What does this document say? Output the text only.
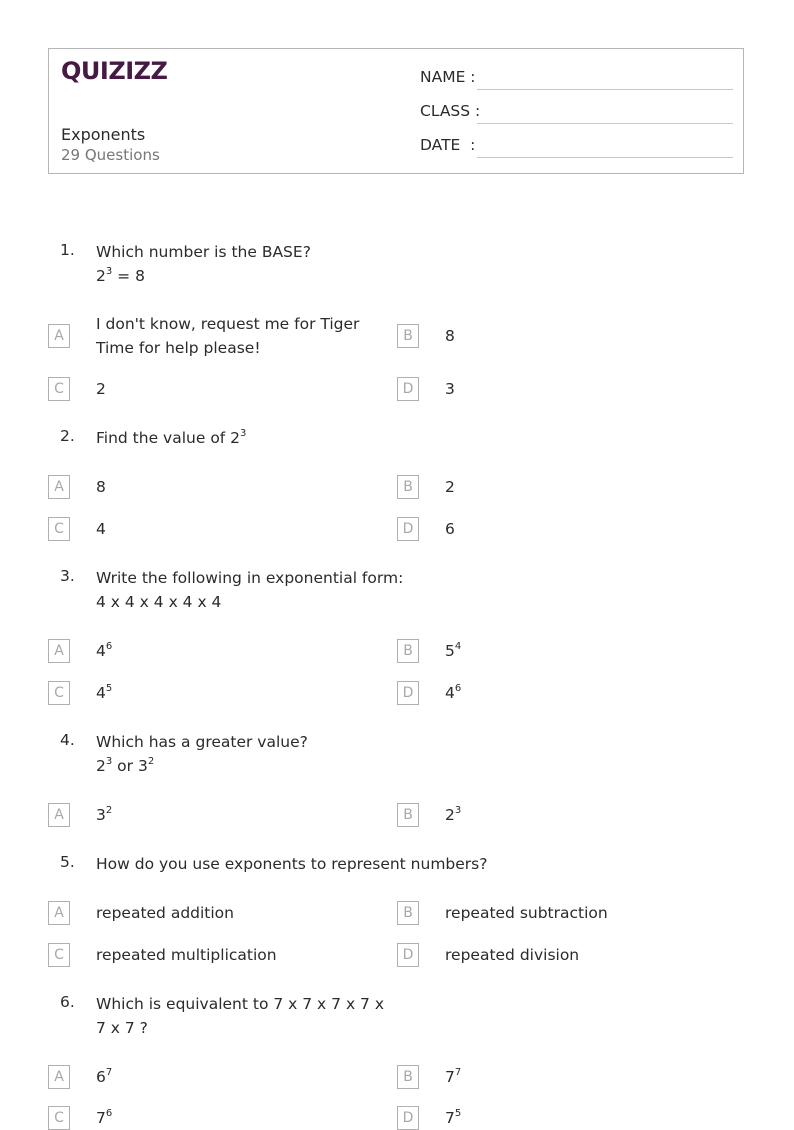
QUIZIZZ
Exponents
29 Questions
NAME :
CLASS :
DATE  :
1. Which number is the BASE?
$2^3 = 8$
A
I don't know, request me for Tiger Time for help please!
B	8
C	2	D	3
2. Find the value of $2^3$
A	8	B	2
C	4	D	6
3. Write the following in exponential form:
4 x 4 x 4 x 4 x 4
A	$4^6$	B	$5^4$
C	$4^5$	D	$4^6$
4. Which has a greater value?
$2^3$ or $3^2$
A	$3^2$	B	$2^3$
5. How do you use exponents to represent numbers?
A	repeated addition	B	repeated subtraction
C	repeated multiplication	D	repeated division
6. Which is equivalent to 7 x 7 x 7 x 7 x 7 x 7 ?
A	$6^7$	B	$7^7$
C	$7^6$	D	$7^5$
